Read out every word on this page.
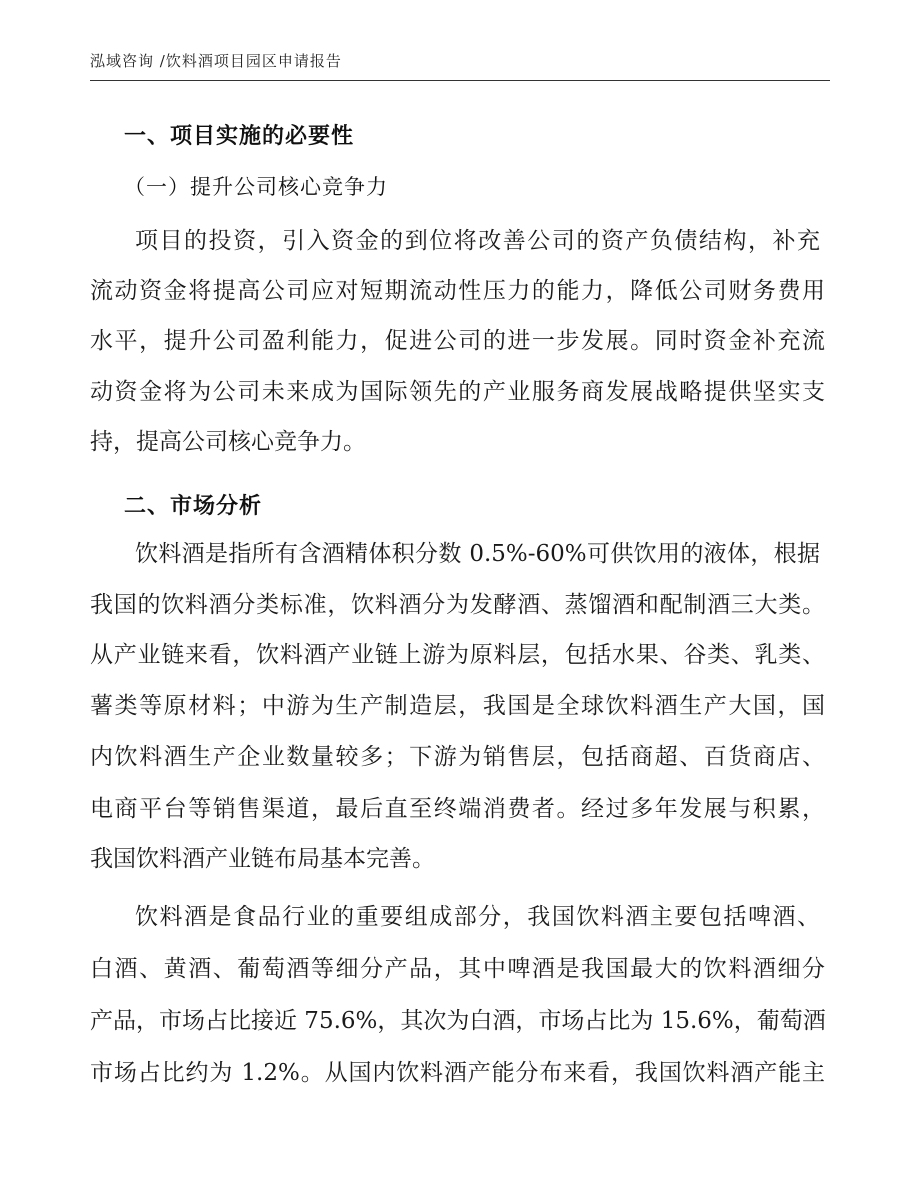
泓域咨询 /饮料酒项目园区申请报告
一、项目实施的必要性
（一）提升公司核心竞争力
项目的投资，引入资金的到位将改善公司的资产负债结构，补充
流动资金将提高公司应对短期流动性压力的能力，降低公司财务费用
水平，提升公司盈利能力，促进公司的进一步发展。同时资金补充流
动资金将为公司未来成为国际领先的产业服务商发展战略提供坚实支
持，提高公司核心竞争力。
二、市场分析
饮料酒是指所有含酒精体积分数 0.5%-60%可供饮用的液体，根据
我国的饮料酒分类标准，饮料酒分为发酵酒、蒸馏酒和配制酒三大类。
从产业链来看，饮料酒产业链上游为原料层，包括水果、谷类、乳类、
薯类等原材料；中游为生产制造层，我国是全球饮料酒生产大国，国
内饮料酒生产企业数量较多；下游为销售层，包括商超、百货商店、
电商平台等销售渠道，最后直至终端消费者。经过多年发展与积累，
我国饮料酒产业链布局基本完善。
饮料酒是食品行业的重要组成部分，我国饮料酒主要包括啤酒、
白酒、黄酒、葡萄酒等细分产品，其中啤酒是我国最大的饮料酒细分
产品，市场占比接近 75.6%，其次为白酒，市场占比为 15.6%，葡萄酒
市场占比约为 1.2%。从国内饮料酒产能分布来看，我国饮料酒产能主
